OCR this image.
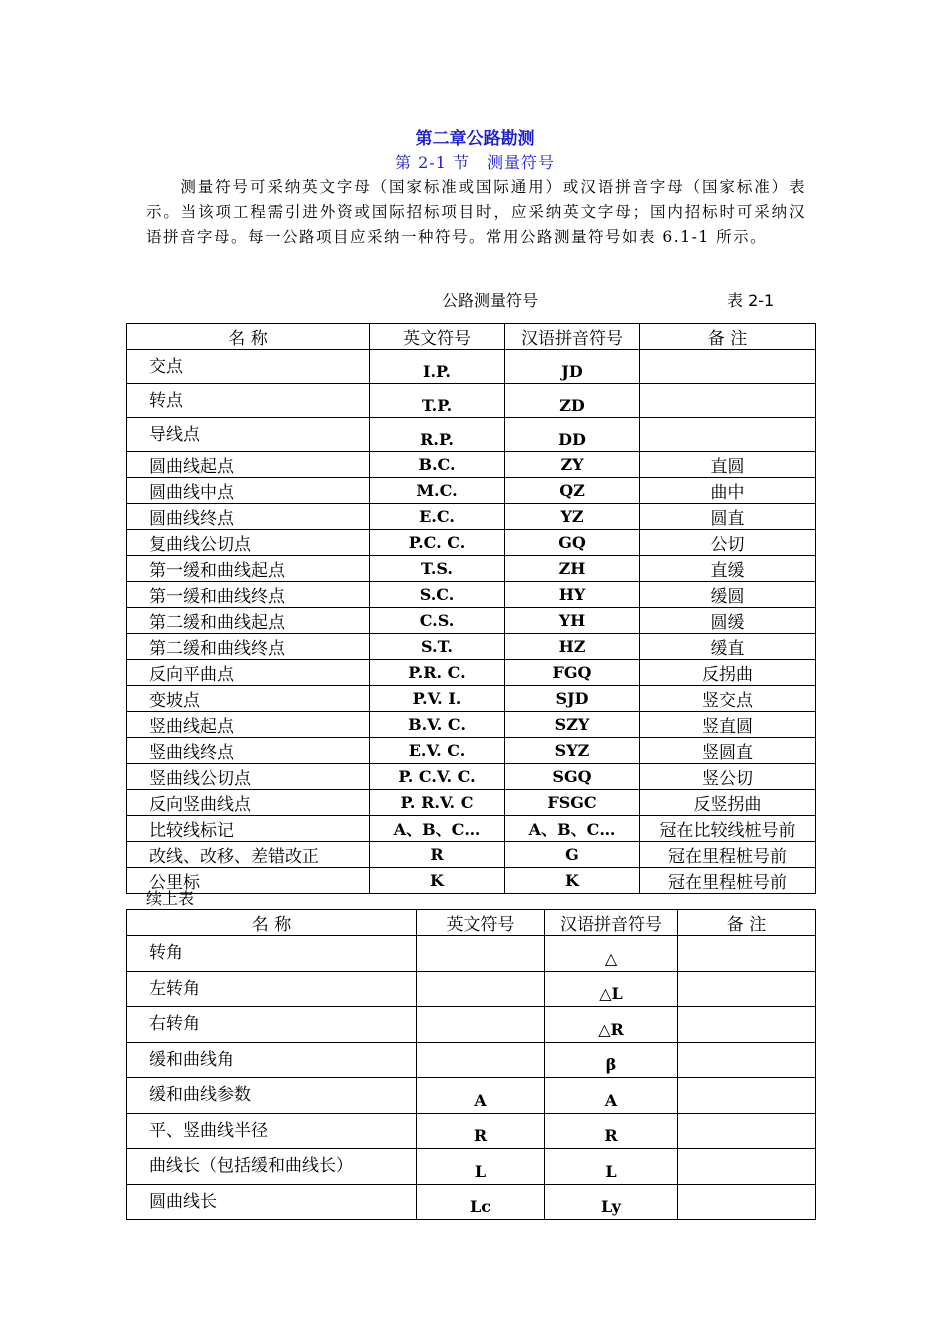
第二章公路勘测
第 2-1 节　测量符号
测量符号可采纳英文字母（国家标准或国际通用）或汉语拼音字母（国家标准）表示。当该项工程需引进外资或国际招标项目时，应采纳英文字母；国内招标时可采纳汉语拼音字母。每一公路项目应采纳一种符号。常用公路测量符号如表 6.1-1 所示。
公路测量符号	表 2-1
名 称	英文符号	汉语拼音符号	备 注
交点	I.P.	JD	
转点	T.P.	ZD	
导线点	R.P.	DD	
圆曲线起点	B.C.	ZY	直圆
圆曲线中点	M.C.	QZ	曲中
圆曲线终点	E.C.	YZ	圆直
复曲线公切点	P.C. C.	GQ	公切
第一缓和曲线起点	T.S.	ZH	直缓
第一缓和曲线终点	S.C.	HY	缓圆
第二缓和曲线起点	C.S.	YH	圆缓
第二缓和曲线终点	S.T.	HZ	缓直
反向平曲点	P.R. C.	FGQ	反拐曲
变坡点	P.V. I.	SJD	竖交点
竖曲线起点	B.V. C.	SZY	竖直圆
竖曲线终点	E.V. C.	SYZ	竖圆直
竖曲线公切点	P. C.V. C.	SGQ	竖公切
反向竖曲线点	P. R.V. C	FSGC	反竖拐曲
比较线标记	A、B、C…	A、B、C…	冠在比较线桩号前
改线、改移、差错改正	R	G	冠在里程桩号前
公里标	K	K	冠在里程桩号前
续上表
名 称	英文符号	汉语拼音符号	备 注
转角		△	
左转角		△L	
右转角		△R	
缓和曲线角		β	
缓和曲线参数	A	A	
平、竖曲线半径	R	R	
曲线长（包括缓和曲线长）	L	L	
圆曲线长	Lc	Ly	
